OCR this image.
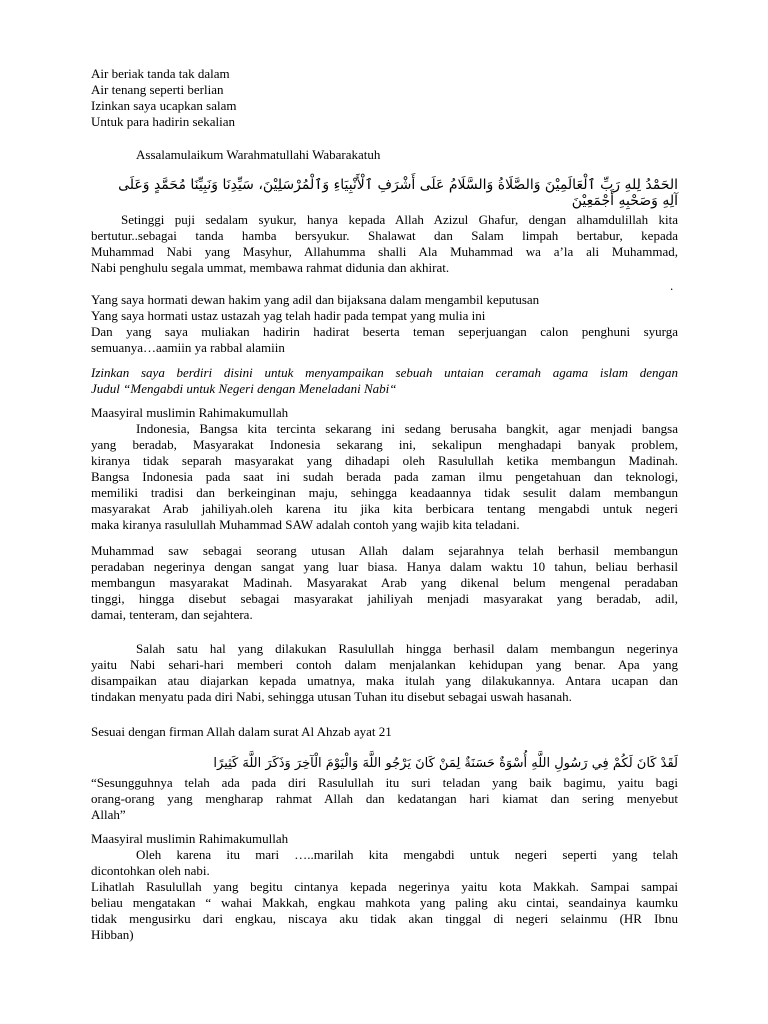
Air beriak tanda tak dalam
Air tenang seperti berlian
Izinkan saya ucapkan salam
Untuk para hadirin sekalian
Assalamulaikum Warahmatullahi Wabarakatuh
الحَمْدُ لِلهِ رَبِّ ٱلْعَالَمِيْنَ وَالصَّلَاةُ وَالسَّلَامُ عَلَى أَشْرَفِ ٱلْأَنْبِيَاءِ وَٱلْمُرْسَلِيْنَ، سَيِّدِنَا وَنَبِيِّنَا مُحَمَّدٍ وَعَلَى
آلِهِ وَصَحْبِهِ أَجْمَعِيْنَ
Setinggi puji sedalam syukur, hanya kepada Allah Azizul Ghafur, dengan alhamdulillah kita
bertutur..sebagai tanda hamba bersyukur. Shalawat dan Salam limpah bertabur, kepada
Muhammad Nabi yang Masyhur, Allahumma shalli Ala Muhammad wa a’la ali Muhammad,
Nabi penghulu segala ummat, membawa rahmat didunia dan akhirat.
.
Yang saya hormati dewan hakim yang adil dan bijaksana dalam mengambil keputusan
Yang saya hormati ustaz ustazah yag telah hadir pada tempat yang mulia ini
Dan yang saya muliakan hadirin hadirat beserta teman seperjuangan calon penghuni syurga
semuanya…aamiin ya rabbal alamiin
Izinkan saya berdiri disini untuk menyampaikan sebuah untaian ceramah agama islam dengan
Judul “Mengabdi untuk Negeri dengan Meneladani Nabi“
Maasyiral muslimin Rahimakumullah
Indonesia, Bangsa kita tercinta sekarang ini sedang berusaha bangkit, agar menjadi bangsa
yang beradab, Masyarakat Indonesia sekarang ini, sekalipun menghadapi banyak problem,
kiranya tidak separah masyarakat yang dihadapi oleh Rasulullah ketika membangun Madinah.
Bangsa Indonesia pada saat ini sudah berada pada zaman ilmu pengetahuan dan teknologi,
memiliki tradisi dan berkeinginan maju, sehingga keadaannya tidak sesulit dalam membangun
masyarakat Arab jahiliyah.oleh karena itu jika kita berbicara tentang mengabdi untuk negeri
maka kiranya rasulullah Muhammad SAW adalah contoh yang wajib kita teladani.
Muhammad saw sebagai seorang utusan Allah dalam sejarahnya telah berhasil membangun
peradaban negerinya dengan sangat yang luar biasa. Hanya dalam waktu 10 tahun, beliau berhasil
membangun masyarakat Madinah. Masyarakat Arab yang dikenal belum mengenal peradaban
tinggi, hingga disebut sebagai masyarakat jahiliyah menjadi masyarakat yang beradab, adil,
damai, tenteram, dan sejahtera.
Salah satu hal yang dilakukan Rasulullah hingga berhasil dalam membangun negerinya
yaitu Nabi sehari-hari memberi contoh dalam menjalankan kehidupan yang benar. Apa yang
disampaikan atau diajarkan kepada umatnya, maka itulah yang dilakukannya. Antara ucapan dan
tindakan menyatu pada diri Nabi, sehingga utusan Tuhan itu disebut sebagai uswah hasanah.
Sesuai dengan firman Allah dalam surat Al Ahzab ayat 21
لَقَدْ كَانَ لَكُمْ فِي رَسُولِ اللَّهِ أُسْوَةٌ حَسَنَةٌ لِمَنْ كَانَ يَرْجُو اللَّهَ وَالْيَوْمَ الْآخِرَ وَذَكَرَ اللَّهَ كَثِيرًا
“Sesungguhnya telah ada pada diri Rasulullah itu suri teladan yang baik bagimu, yaitu bagi
orang-orang yang mengharap rahmat Allah dan kedatangan hari kiamat dan sering menyebut
Allah”
Maasyiral muslimin Rahimakumullah
Oleh karena itu mari …..marilah kita mengabdi untuk negeri seperti yang telah
dicontohkan oleh nabi.
Lihatlah Rasulullah yang begitu cintanya kepada negerinya yaitu kota Makkah. Sampai sampai
beliau mengatakan “ wahai Makkah, engkau mahkota yang paling aku cintai, seandainya kaumku
tidak mengusirku dari engkau, niscaya aku tidak akan tinggal di negeri selainmu (HR Ibnu
Hibban)
